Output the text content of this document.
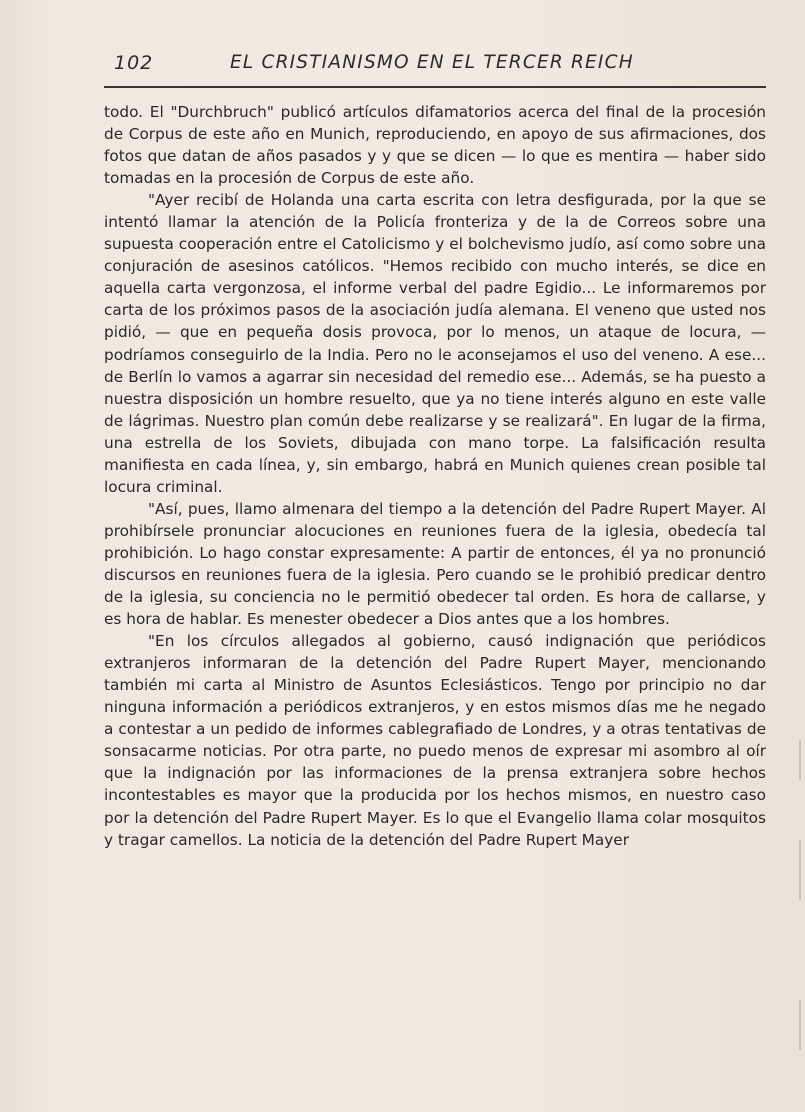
102	EL CRISTIANISMO EN EL TERCER REICH

todo. El "Durchbruch" publicó artículos difamatorios acerca del final de la procesión de Corpus de este año en Munich, reproduciendo, en apoyo de sus afirmaciones, dos fotos que datan de años pasados y y que se dicen — lo que es mentira — haber sido tomadas en la procesión de Corpus de este año.

"Ayer recibí de Holanda una carta escrita con letra desfigurada, por la que se intentó llamar la atención de la Policía fronteriza y de la de Correos sobre una supuesta cooperación entre el Catolicismo y el bolchevismo judío, así como sobre una conjuración de asesinos católicos. "Hemos recibido con mucho interés, se dice en aquella carta vergonzosa, el informe verbal del padre Egidio... Le informaremos por carta de los próximos pasos de la asociación judía alemana. El veneno que usted nos pidió, — que en pequeña dosis provoca, por lo menos, un ataque de locura, — podríamos conseguirlo de la India. Pero no le aconsejamos el uso del veneno. A ese... de Berlín lo vamos a agarrar sin necesidad del remedio ese... Además, se ha puesto a nuestra disposición un hombre resuelto, que ya no tiene interés alguno en este valle de lágrimas. Nuestro plan común debe realizarse y se realizará". En lugar de la firma, una estrella de los Soviets, dibujada con mano torpe. La falsificación resulta manifiesta en cada línea, y, sin embargo, habrá en Munich quienes crean posible tal locura criminal.

"Así, pues, llamo almenara del tiempo a la detención del Padre Rupert Mayer. Al prohibírsele pronunciar alocuciones en reuniones fuera de la iglesia, obedecía tal prohibición. Lo hago constar expresamente: A partir de entonces, él ya no pronunció discursos en reuniones fuera de la iglesia. Pero cuando se le prohibió predicar dentro de la iglesia, su conciencia no le permitió obedecer tal orden. Es hora de callarse, y es hora de hablar. Es menester obedecer a Dios antes que a los hombres.

"En los círculos allegados al gobierno, causó indignación que periódicos extranjeros informaran de la detención del Padre Rupert Mayer, mencionando también mi carta al Ministro de Asuntos Eclesiásticos. Tengo por principio no dar ninguna información a periódicos extranjeros, y en estos mismos días me he negado a contestar a un pedido de informes cablegrafiado de Londres, y a otras tentativas de sonsacarme noticias. Por otra parte, no puedo menos de expresar mi asombro al oír que la indignación por las informaciones de la prensa extranjera sobre hechos incontestables es mayor que la producida por los hechos mismos, en nuestro caso por la detención del Padre Rupert Mayer. Es lo que el Evangelio llama colar mosquitos y tragar camellos. La noticia de la detención del Padre Rupert Mayer
